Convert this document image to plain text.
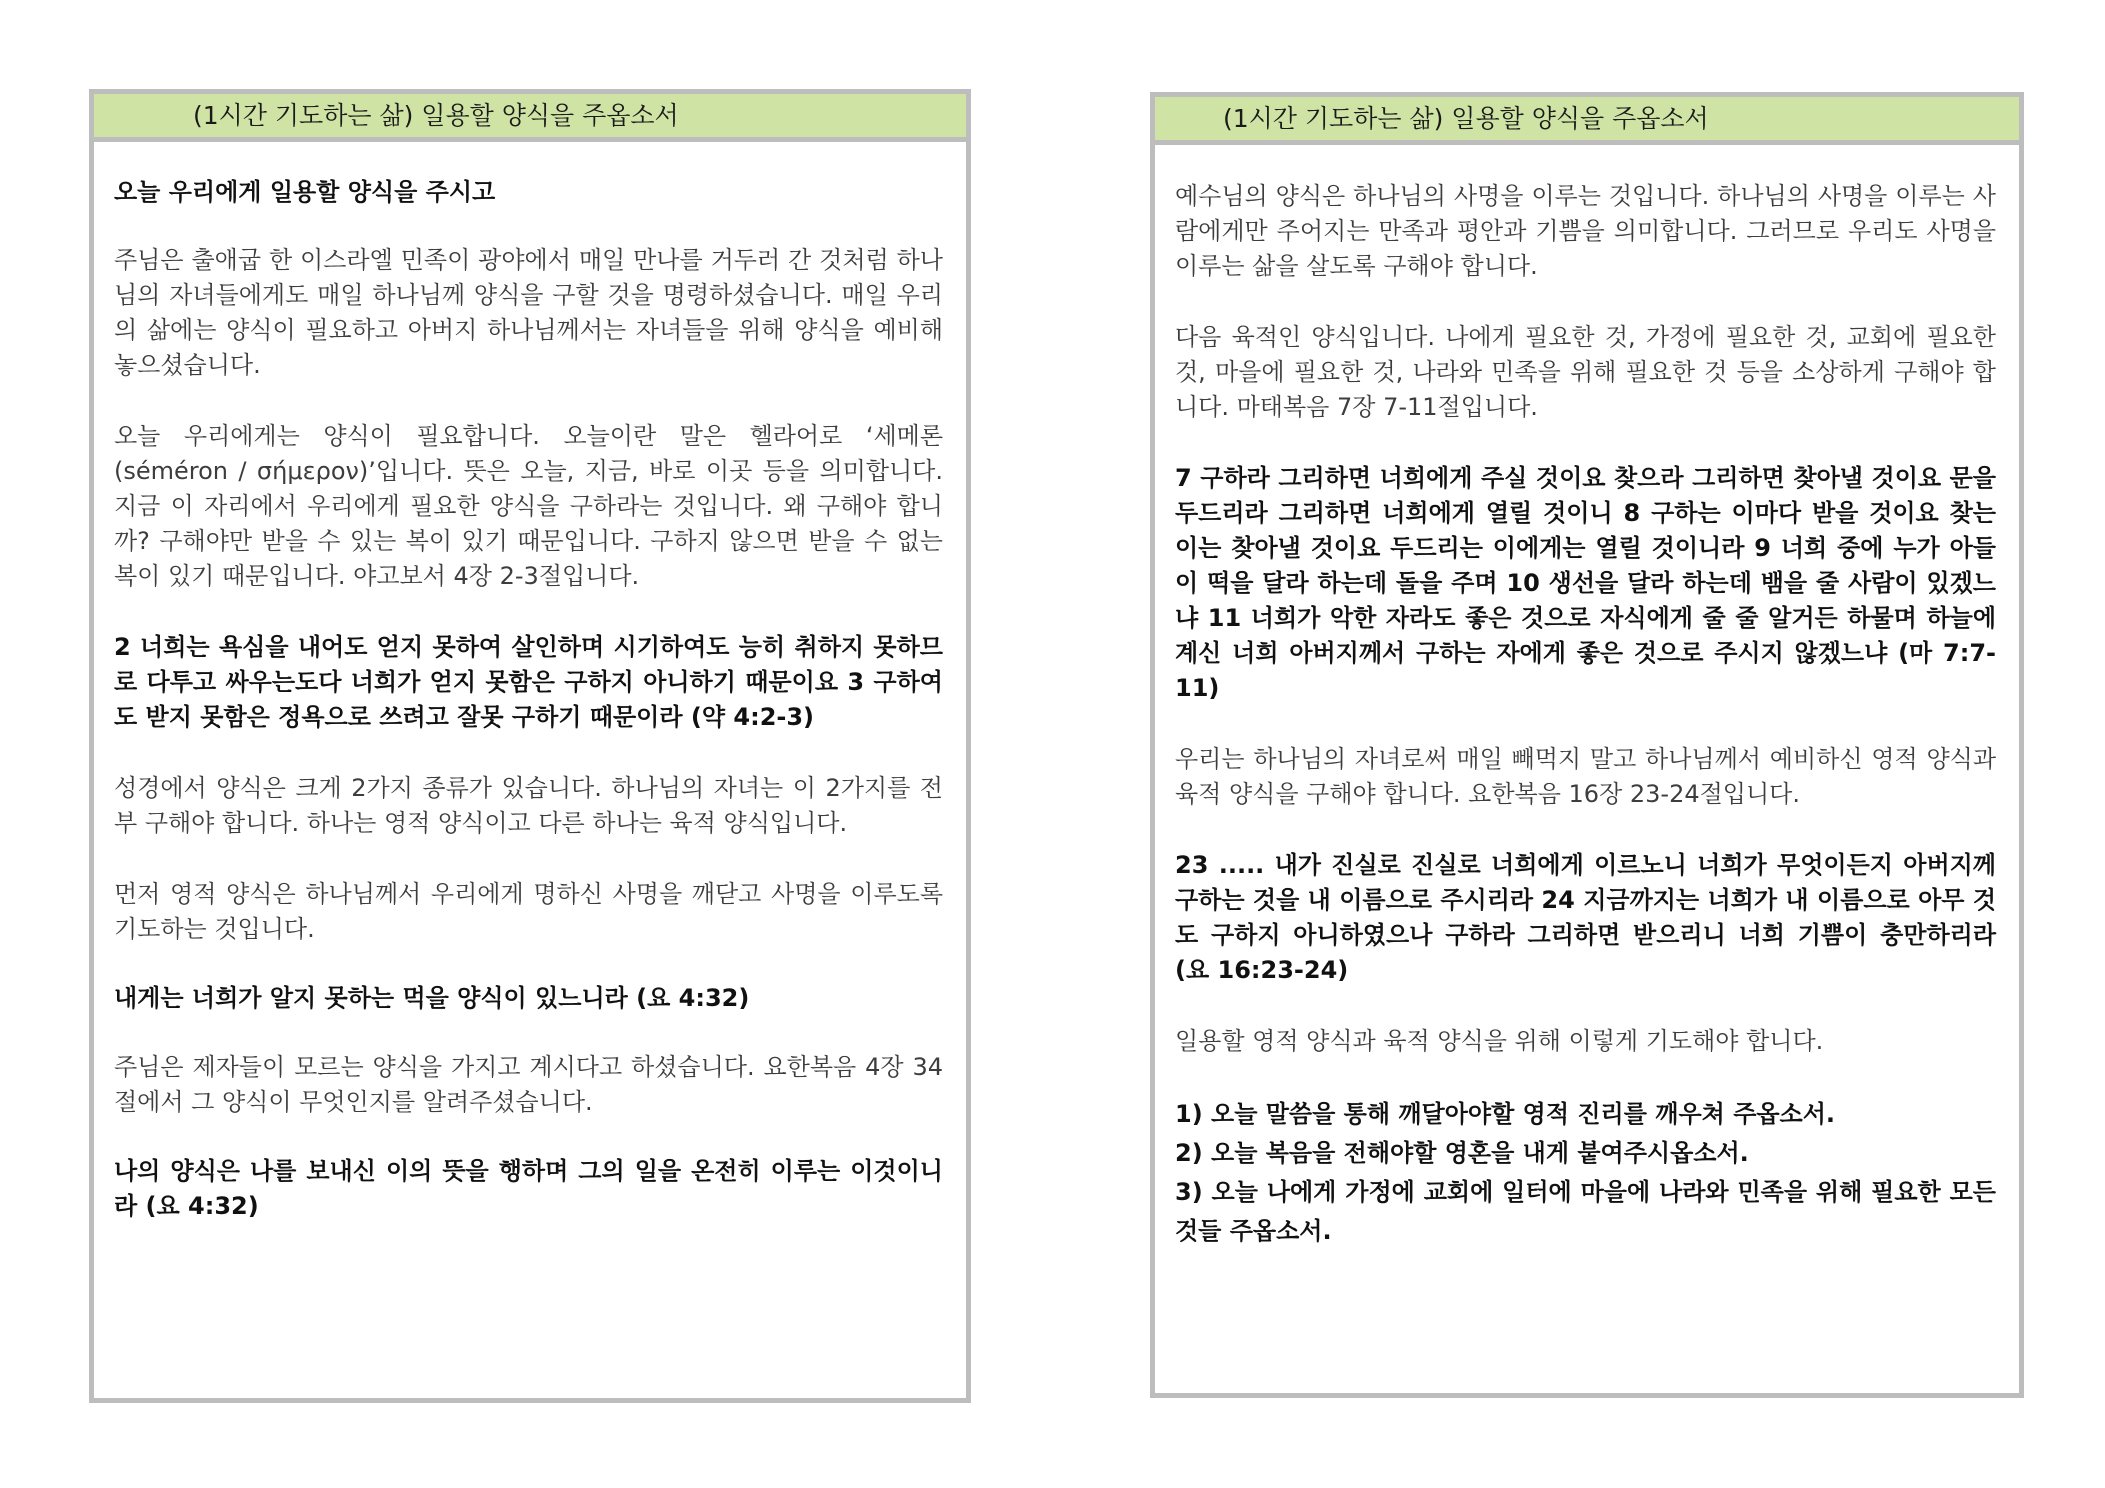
(1시간 기도하는 삶) 일용할 양식을 주옵소서

오늘 우리에게 일용할 양식을 주시고

주님은 출애굽 한 이스라엘 민족이 광야에서 매일 만나를 거두러 간 것처럼 하나님의 자녀들에게도 매일 하나님께 양식을 구할 것을 명령하셨습니다. 매일 우리의 삶에는 양식이 필요하고 아버지 하나님께서는 자녀들을 위해 양식을 예비해 놓으셨습니다.

오늘 우리에게는 양식이 필요합니다. 오늘이란 말은 헬라어로 ‘세메론(séméron / σήμερον)’입니다. 뜻은 오늘, 지금, 바로 이곳 등을 의미합니다. 지금 이 자리에서 우리에게 필요한 양식을 구하라는 것입니다. 왜 구해야 합니까? 구해야만 받을 수 있는 복이 있기 때문입니다. 구하지 않으면 받을 수 없는 복이 있기 때문입니다. 야고보서 4장 2-3절입니다.

2 너희는 욕심을 내어도 얻지 못하여 살인하며 시기하여도 능히 취하지 못하므로 다투고 싸우는도다 너희가 얻지 못함은 구하지 아니하기 때문이요 3 구하여도 받지 못함은 정욕으로 쓰려고 잘못 구하기 때문이라 (약 4:2-3)

성경에서 양식은 크게 2가지 종류가 있습니다. 하나님의 자녀는 이 2가지를 전부 구해야 합니다. 하나는 영적 양식이고 다른 하나는 육적 양식입니다.

먼저 영적 양식은 하나님께서 우리에게 명하신 사명을 깨닫고 사명을 이루도록 기도하는 것입니다.

내게는 너희가 알지 못하는 먹을 양식이 있느니라 (요 4:32)

주님은 제자들이 모르는 양식을 가지고 계시다고 하셨습니다. 요한복음 4장 34절에서 그 양식이 무엇인지를 알려주셨습니다.

나의 양식은 나를 보내신 이의 뜻을 행하며 그의 일을 온전히 이루는 이것이니라 (요 4:32)

(1시간 기도하는 삶) 일용할 양식을 주옵소서

예수님의 양식은 하나님의 사명을 이루는 것입니다. 하나님의 사명을 이루는 사람에게만 주어지는 만족과 평안과 기쁨을 의미합니다. 그러므로 우리도 사명을 이루는 삶을 살도록 구해야 합니다.

다음 육적인 양식입니다. 나에게 필요한 것, 가정에 필요한 것, 교회에 필요한 것, 마을에 필요한 것, 나라와 민족을 위해 필요한 것 등을 소상하게 구해야 합니다. 마태복음 7장 7-11절입니다.

7 구하라 그리하면 너희에게 주실 것이요 찾으라 그리하면 찾아낼 것이요 문을 두드리라 그리하면 너희에게 열릴 것이니 8 구하는 이마다 받을 것이요 찾는 이는 찾아낼 것이요 두드리는 이에게는 열릴 것이니라 9 너희 중에 누가 아들이 떡을 달라 하는데 돌을 주며 10 생선을 달라 하는데 뱀을 줄 사람이 있겠느냐 11 너희가 악한 자라도 좋은 것으로 자식에게 줄 줄 알거든 하물며 하늘에 계신 너희 아버지께서 구하는 자에게 좋은 것으로 주시지 않겠느냐 (마 7:7-11)

우리는 하나님의 자녀로써 매일 빼먹지 말고 하나님께서 예비하신 영적 양식과 육적 양식을 구해야 합니다. 요한복음 16장 23-24절입니다.

23 ..... 내가 진실로 진실로 너희에게 이르노니 너희가 무엇이든지 아버지께 구하는 것을 내 이름으로 주시리라 24 지금까지는 너희가 내 이름으로 아무 것도 구하지 아니하였으나 구하라 그리하면 받으리니 너희 기쁨이 충만하리라 (요 16:23-24)

일용할 영적 양식과 육적 양식을 위해 이렇게 기도해야 합니다.

1) 오늘 말씀을 통해 깨달아야할 영적 진리를 깨우쳐 주옵소서.

2) 오늘 복음을 전해야할 영혼을 내게 붙여주시옵소서.

3) 오늘 나에게 가정에 교회에 일터에 마을에 나라와 민족을 위해 필요한 모든 것들 주옵소서.
